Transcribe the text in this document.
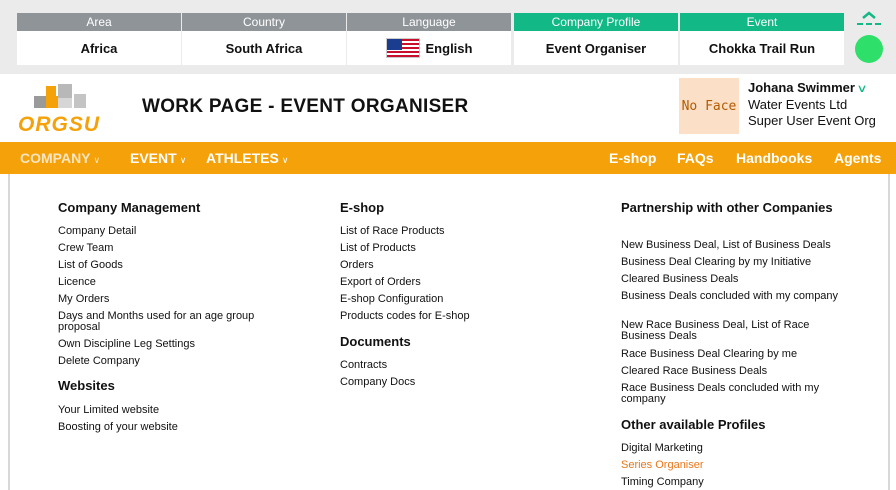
Area
Africa
Country
South Africa
Language
English
Company Profile
Event Organiser
Event
Chokka Trail Run
ORGSU
WORK PAGE - EVENT ORGANISER	No Face
Johana Swimmer∨
Water Events Ltd
Super User Event Org
COMPANY ∨ EVENT ∨ ATHLETES ∨	E-shop FAQs Handbooks Agents
Company Management
Company Detail
Crew Team
List of Goods
Licence
My Orders
Days and Months used for an age group proposal
Own Discipline Leg Settings
Delete Company
Websites
Your Limited website
Boosting of your website
E-shop
List of Race Products
List of Products
Orders
Export of Orders
E-shop Configuration
Products codes for E-shop
Documents
Contracts
Company Docs
Partnership with other Companies
New Business Deal, List of Business Deals
Business Deal Clearing by my Initiative
Cleared Business Deals
Business Deals concluded with my company
New Race Business Deal, List of Race Business Deals
Race Business Deal Clearing by me
Cleared Race Business Deals
Race Business Deals concluded with my company
Other available Profiles
Digital Marketing
Series Organiser
Timing Company
